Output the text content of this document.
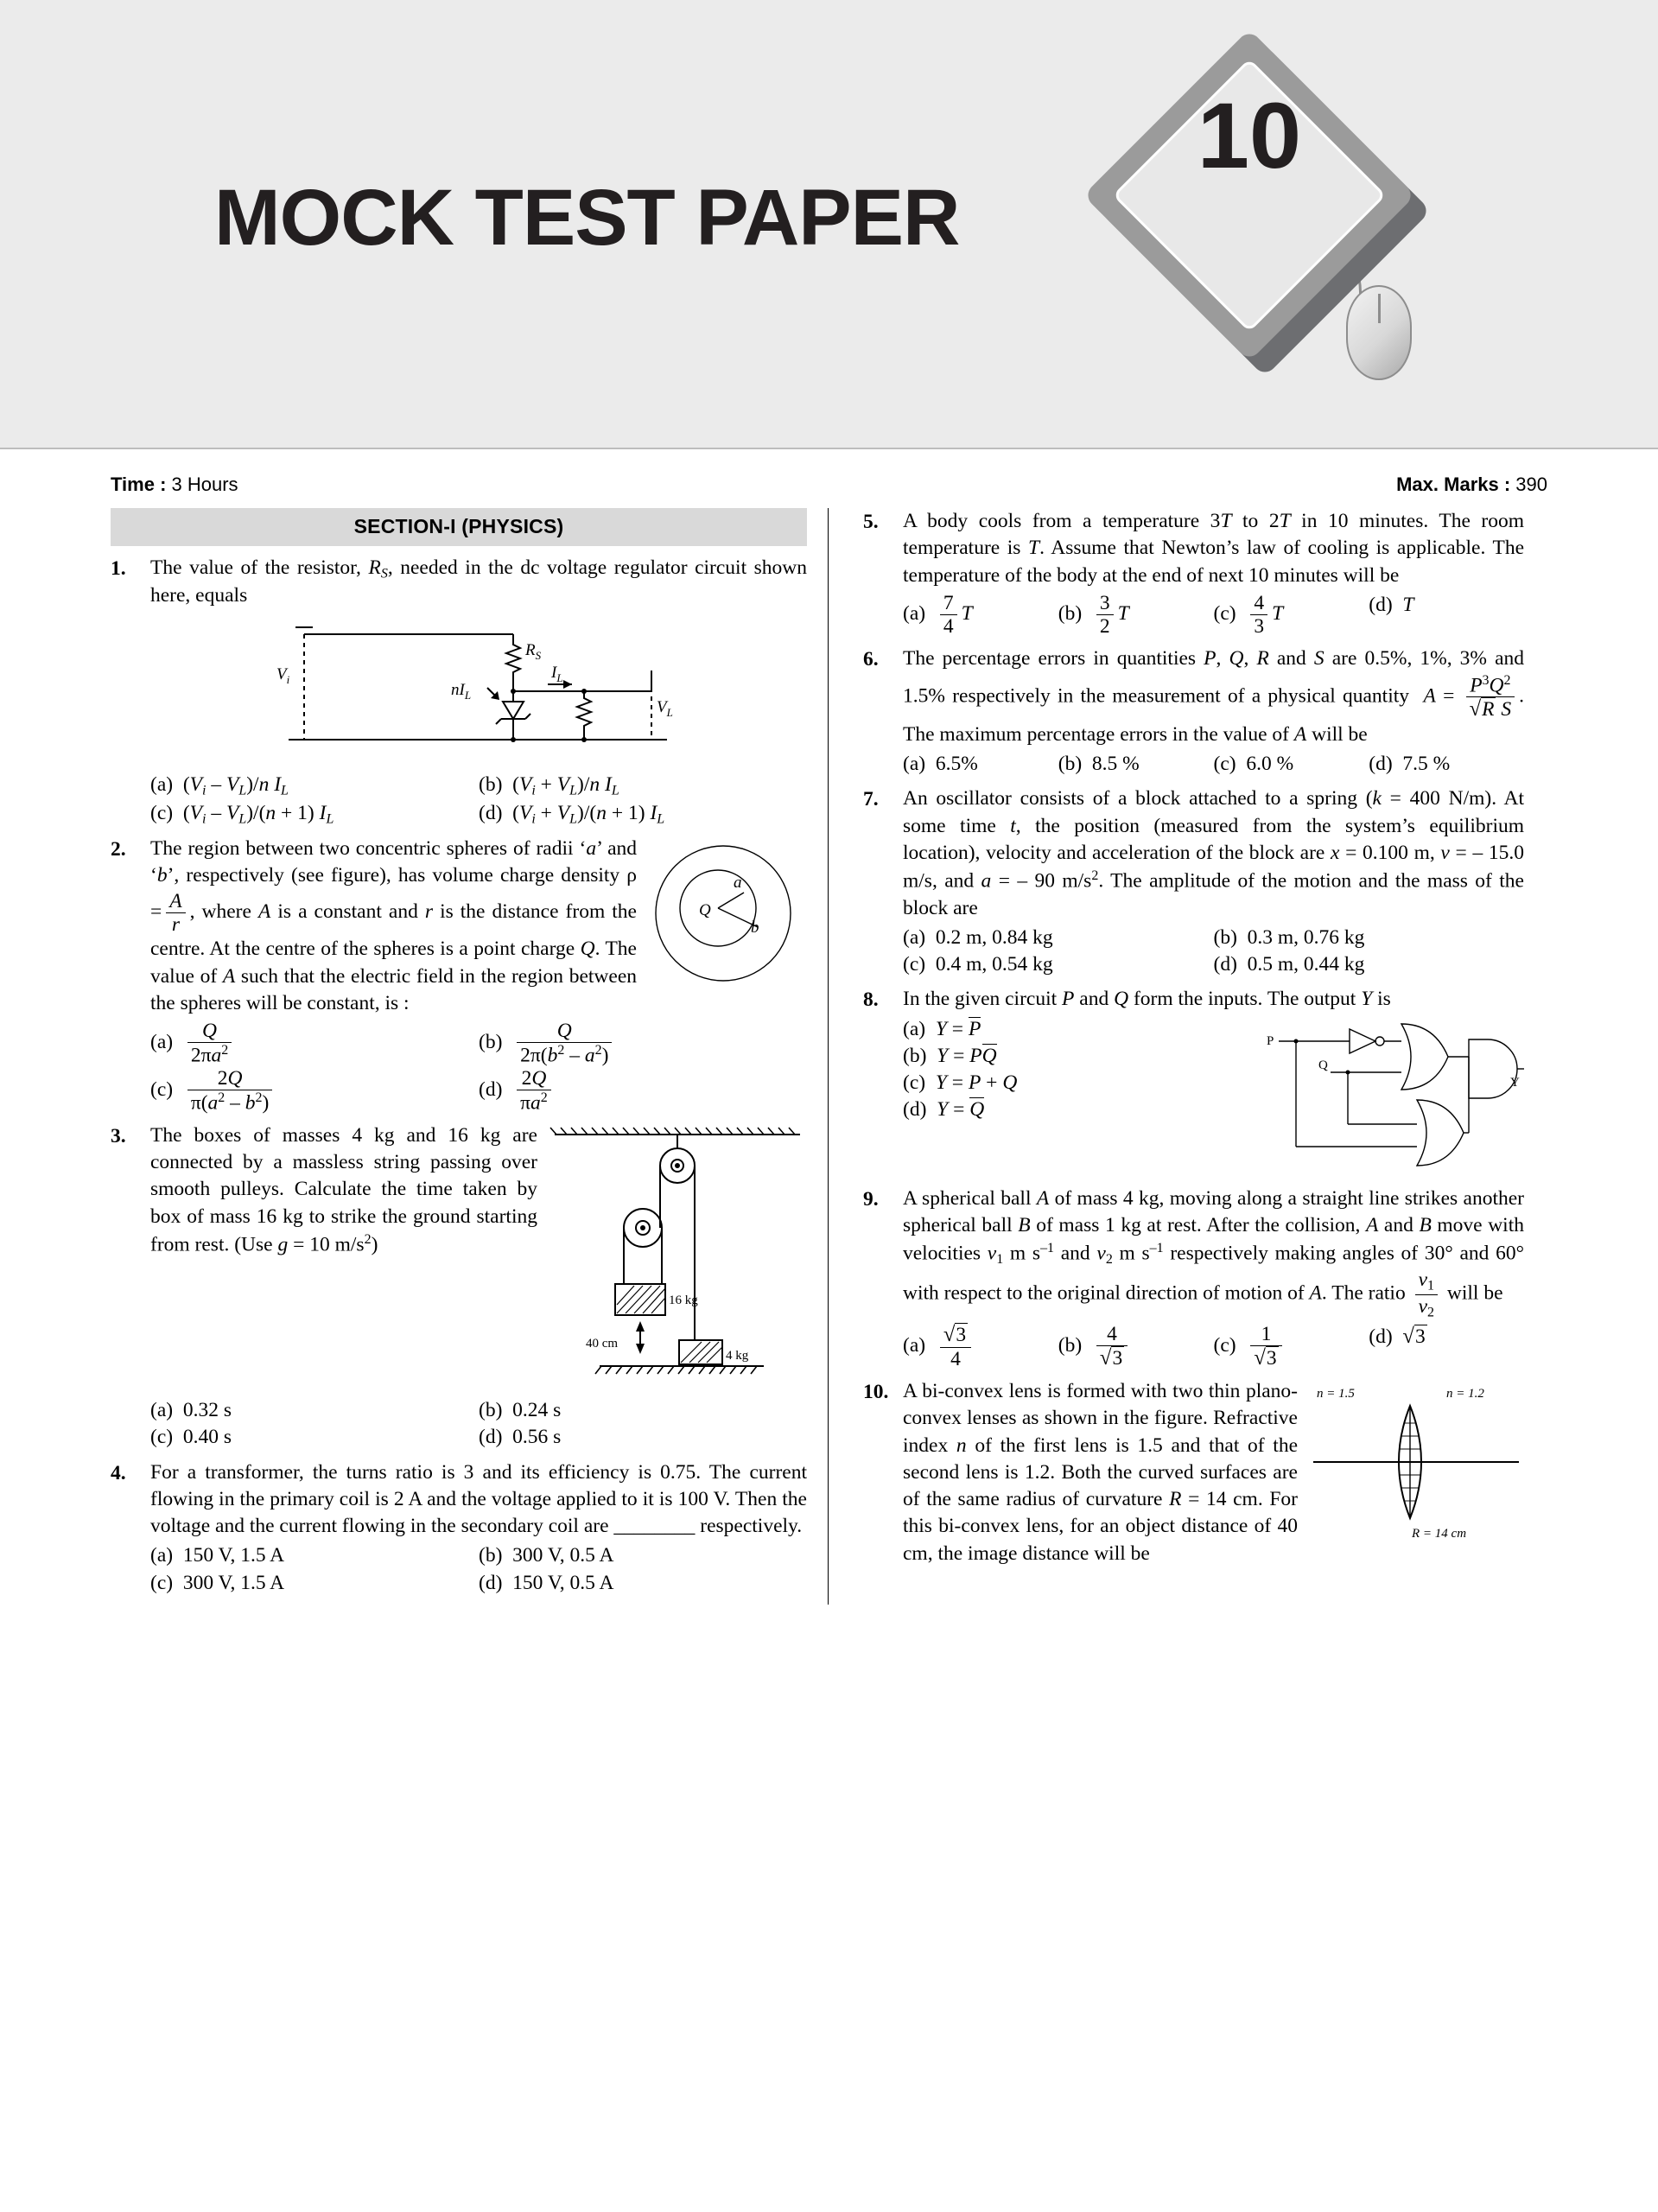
MOCK TEST PAPER
10
Time : 3 Hours	Max. Marks : 390
SECTION-I (PHYSICS)
1.	The value of the resistor, $R_S$, needed in the dc voltage regulator circuit shown here, equals
$R_S$
$I_L$
$nI_L$
$V_i$
$V_L$
(a)  $(V_i - V_L)/n$ $I_L$	(b)  $(V_i + V_L)/n$ $I_L$
(c)  $(V_i - V_L)/(n + 1)$ $I_L$	(d)  $(V_i + V_L)/(n + 1)$ $I_L$
2.
a
b
Q
The region between two concentric spheres of radii ‘a’ and ‘b’, respectively (see figure), has volume charge density $\rho = \frac{A}{r}$ , where A is a constant and r is the distance from the centre. At the centre of the spheres is a point charge Q. The value of A such that the electric field in the region between the spheres will be constant, is :
$(a) \frac{Q}{2\pi a^2}$	$(b) \frac{Q}{2\pi(b^2 - a^2)}$
$(c) \frac{2Q}{\pi(a^2 - b^2)}$	$(d) \frac{2Q}{\pi a^2}$
3.
16 kg
40 cm
4 kg
The boxes of masses 4 kg and 16 kg are connected by a massless string passing over smooth pulleys. Calculate the time taken by box of mass 16 kg to strike the ground starting from rest. (Use g = 10 $m/s^2$)
(a)  0.32 s	(b)  0.24 s
(c)  0.40 s	(d)  0.56 s
4.	For a transformer, the turns ratio is 3 and its efficiency is 0.75. The current flowing in the primary coil is 2 A and the voltage applied to it is 100 V. Then the voltage and the current flowing in the secondary coil are ________ respectively.
(a)  150 V, 1.5 A	(b)  300 V, 0.5 A
(c)  300 V, 1.5 A	(d)  150 V, 0.5 A
5.	A body cools from a temperature 3T to 2T in 10 minutes. The room temperature is T. Assume that Newton’s law of cooling is applicable. The temperature of the body at the end of next 10 minutes will be
$(a) \frac{7}{4}$ T	$(b) \frac{3}{2}$ T	$(c) \frac{4}{3}$ T	(d)  T
6.	The percentage errors in quantities P, Q, R and S are 0.5%, 1%, 3% and 1.5% respectively in the measurement of a physical quantity  $A = \frac{P^3Q^2}{\text{√R S}}$ . The maximum percentage errors in the value of A will be
(a)  6.5%	(b)  8.5 %	(c)  6.0 %	(d)  7.5 %
7.	An oscillator consists of a block attached to a spring (k = 400 N/m). At some time t, the position (measured from the system’s equilibrium location), velocity and acceleration of the block are x = 0.100 m, v = – 15.0 m/s, and a = – 90 $m/s^2$. The amplitude of the motion and the mass of the block are
(a)  0.2 m, 0.84 kg	(b)  0.3 m, 0.76 kg
(c)  0.4 m, 0.54 kg	(d)  0.5 m, 0.44 kg
8.	In the given circuit P and Q form the inputs. The output Y is
P
Q
Y
(a)  Y = P
(b)  Y = PQ
(c)  Y = P + Q
(d)  Y = Q
9.	A spherical ball A of mass 4 kg, moving along a straight line strikes another spherical ball B of mass 1 kg at rest. After the collision, A and B move with velocities $v_1$ m $s^{-1}$ and $v_2$ m $s^{-1}$ respectively making angles of 30° and 60° with respect to the original direction of motion of A. The ratio $\frac{v_1}{v_2}$ will be
$(a) \frac{√3}{4}$	$(b) \frac{4}{√3}$	$(c) \frac{1}{√3}$	(d)  √3
10.	n = 1.5	n = 1.2
R = 14 cm
A bi-convex lens is formed with two thin plano-convex lenses as shown in the figure. Refractive index n of the first lens is 1.5 and that of the second lens is 1.2. Both the curved surfaces are of the same radius of curvature R = 14 cm. For this bi-convex lens, for an object distance of 40 cm, the image distance will be
